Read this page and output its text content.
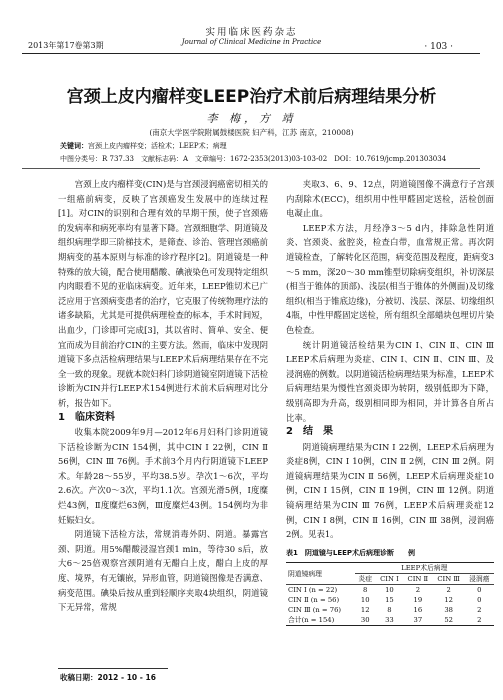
2013年第17卷第3期
实用临床医药杂志
Journal of Clinical Medicine in Practice	· 103 ·
宫颈上皮内瘤样变LEEP治疗术前后病理结果分析
李 梅，方 靖
(南京大学医学院附属鼓楼医院 妇产科，江苏 南京，210008)
关键词：宫颈上皮内瘤样变；活检术；LEEP术；病理
中图分类号：R 737.33　文献标志码：A　文章编号：1672-2353(2013)03-103-02　DOI：10.7619/jcmp.201303034

宫颈上皮内瘤样变(CIN)是与宫颈浸润癌密切相关的一组癌前病变，反映了宫颈癌发生发展中的连续过程[1]。对CIN的识别和合理有效的早期干预，使子宫颈癌的发病率和病死率均有显著下降。宫颈细胞学、阴道镜及组织病理学即三阶梯技术，是筛查、诊治、管理宫颈癌前期病变的基本原则与标准的诊疗程序[2]。阴道镜是一种特殊的放大镜，配合使用醋酸、碘液染色可发现特定组织内肉眼看不见的亚临床病变。近年来，LEEP锥切术已广泛应用于宫颈病变患者的治疗，它克服了传统物理疗法的诸多缺陷，尤其是可提供病理检查的标本，手术时间短，出血少，门诊即可完成[3]，其以省时、简单、安全、便宜而成为目前治疗CIN的主要方法。然而，临床中发现阴道镜下多点活检病理结果与LEEP术后病理结果存在不完全一致的现象。现就本院妇科门诊阴道镜室阴道镜下活检诊断为CIN并行LEEP术154例进行术前术后病理对比分析，报告如下。

1　临床资料

收集本院2009年9月—2012年6月妇科门诊阴道镜下活检诊断为CIN 154例，其中CIN Ⅰ 22例，CIN Ⅱ 56例，CIN Ⅲ 76例。手术前3个月内行阴道镜下LEEP术。年龄28～55岁，平均38.5岁。孕次1～6次，平均2.6次。产次0～3次，平均1.1次。宫颈光滑5例，Ⅰ度糜烂43例，Ⅱ度糜烂63例，Ⅲ度糜烂43例。154例均为非妊娠妇女。

阴道镜下活检方法，常规消毒外阴、阴道。暴露宫颈、阴道。用5%醋酸浸湿宫颈1 min，等待30 s后，放大6～25倍观察宫颈阴道有无醋白上皮，醋白上皮的厚度、境界，有无镶嵌，异形血管，阴道镜图像是否满意、病变范围。碘染后按从重到轻顺序夹取4块组织，阴道镜下无异常，常规

夹取3、6、9、12点，阴道镜图像不满意行子宫颈内刮除术(ECC)，组织用中性甲醛固定送检，活检创面电凝止血。

LEEP术方法，月经净3～5 d内，排除急性阴道炎、宫颈炎、盆腔炎，检查白带，血常规正常。再次阴道镜检查，了解转化区范围，病变范围及程度，距病变3～5 mm，深20～30 mm锥型切除病变组织，补切深层(相当于锥体的顶部)、浅层(相当于锥体的外侧面)及切缘组织(相当于锥底边缘)，分被切、浅层、深层、切缘组织4瓶，中性甲醛固定送检，所有组织全部蜡块包埋切片染色检查。

统计阴道镜活检结果为CIN Ⅰ、CIN Ⅱ、CIN Ⅲ LEEP术后病理为炎症、CIN Ⅰ、CIN Ⅱ、CIN Ⅲ、及浸润癌的例数。以阴道镜活检病理结果为标准，LEEP术后病理结果为慢性宫颈炎即为转阴，级别低即为下降，级别高即为升高，级别相同即为相同，并计算各自所占比率。

2　结　果

阴道镜病理结果为CIN Ⅰ 22例，LEEP术后病理为炎症8例，CIN Ⅰ 10例，CIN Ⅱ 2例，CIN Ⅲ 2例。阴道镜病理结果为CIN Ⅱ 56例，LEEP术后病理炎症10例，CIN Ⅰ 15例，CIN Ⅱ 19例，CIN Ⅲ 12例。阴道镜病理结果为CIN Ⅲ 76例，LEEP术后病理炎症12例，CIN Ⅰ 8例，CIN Ⅱ 16例，CIN Ⅲ 38例，浸润癌2例。见表1。

表1　阴道镜与LEEP术后病理诊断　　例
阴道镜病理	LEEP术后病理				
	炎症	CIN Ⅰ	CIN Ⅱ	CIN Ⅲ	浸润癌
CIN Ⅰ (n = 22)	8	10	2	2	0
CIN Ⅱ (n = 56)	10	15	19	12	0
CIN Ⅲ (n = 76)	12	8	16	38	2
合计(n = 154)	30	33	37	52	2
收稿日期：2012 - 10 - 16
